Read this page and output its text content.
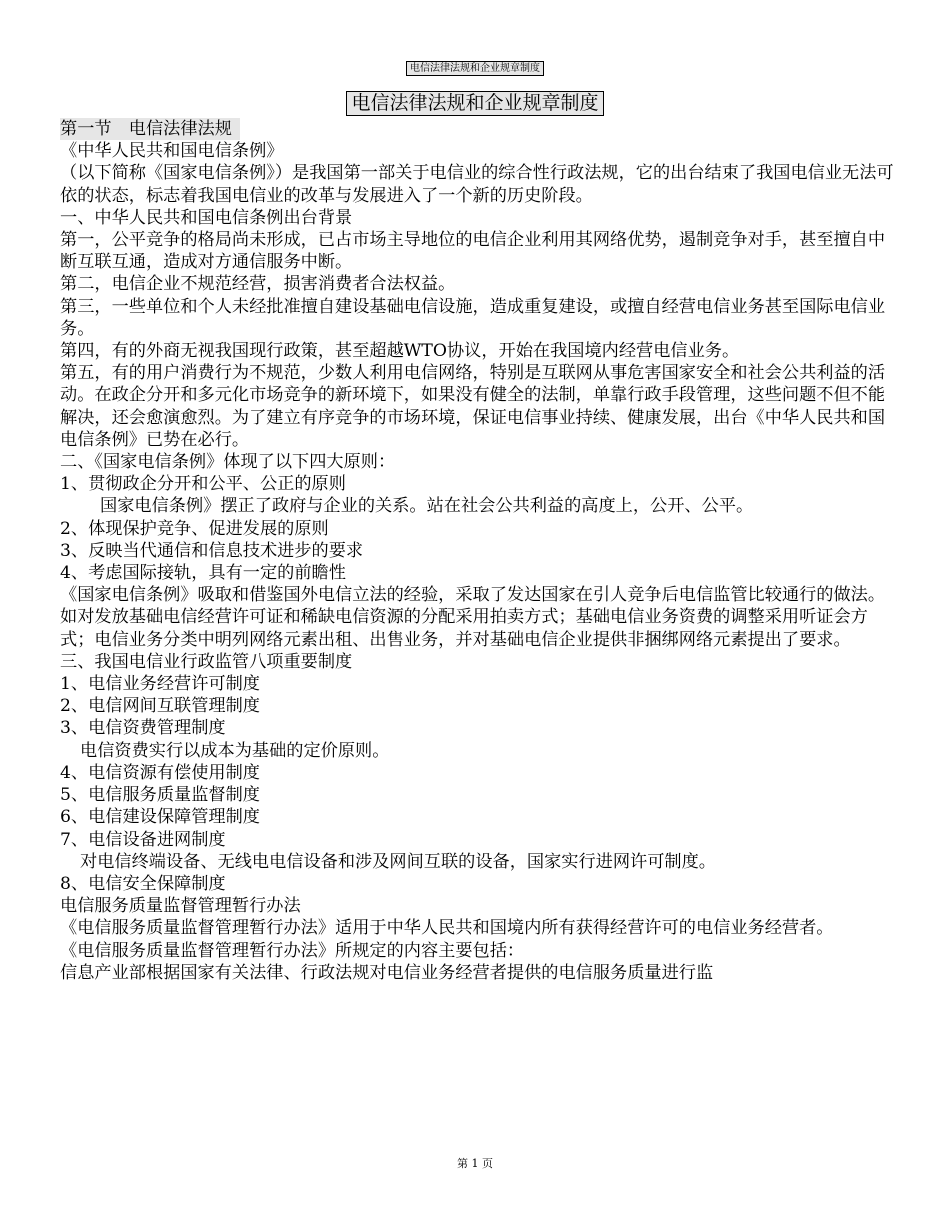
电信法律法规和企业规章制度
电信法律法规和企业规章制度

第一节　电信法律法规

《中华人民共和国电信条例》

（以下简称《国家电信条例》）是我国第一部关于电信业的综合性行政法规，它的出台结束了我国电信业无法可依的状态，标志着我国电信业的改革与发展进入了一个新的历史阶段。

一、中华人民共和国电信条例出台背景

第一，公平竞争的格局尚未形成，已占市场主导地位的电信企业利用其网络优势，遏制竞争对手，甚至擅自中断互联互通，造成对方通信服务中断。

第二，电信企业不规范经营，损害消费者合法权益。

第三，一些单位和个人未经批准擅自建设基础电信设施，造成重复建设，或擅自经营电信业务甚至国际电信业务。

第四，有的外商无视我国现行政策，甚至超越WTO协议，开始在我国境内经营电信业务。

第五，有的用户消费行为不规范，少数人利用电信网络，特别是互联网从事危害国家安全和社会公共利益的活动。在政企分开和多元化市场竞争的新环境下，如果没有健全的法制，单靠行政手段管理，这些问题不但不能解决，还会愈演愈烈。为了建立有序竞争的市场环境，保证电信事业持续、健康发展，出台《中华人民共和国电信条例》已势在必行。

二、《国家电信条例》体现了以下四大原则：

1、贯彻政企分开和公平、公正的原则

国家电信条例》摆正了政府与企业的关系。站在社会公共利益的高度上，公开、公平。

2、体现保护竞争、促进发展的原则

3、反映当代通信和信息技术进步的要求

4、考虑国际接轨，具有一定的前瞻性

《国家电信条例》吸取和借鉴国外电信立法的经验，采取了发达国家在引人竞争后电信监管比较通行的做法。如对发放基础电信经营许可证和稀缺电信资源的分配采用拍卖方式；基础电信业务资费的调整采用听证会方式；电信业务分类中明列网络元素出租、出售业务，并对基础电信企业提供非捆绑网络元素提出了要求。

三、我国电信业行政监管八项重要制度

1、电信业务经营许可制度

2、电信网间互联管理制度

3、电信资费管理制度

电信资费实行以成本为基础的定价原则。

4、电信资源有偿使用制度

5、电信服务质量监督制度

6、电信建设保障管理制度

7、电信设备进网制度

对电信终端设备、无线电电信设备和涉及网间互联的设备，国家实行进网许可制度。

8、电信安全保障制度

电信服务质量监督管理暂行办法

《电信服务质量监督管理暂行办法》适用于中华人民共和国境内所有获得经营许可的电信业务经营者。

《电信服务质量监督管理暂行办法》所规定的内容主要包括：

信息产业部根据国家有关法律、行政法规对电信业务经营者提供的电信服务质量进行监

第 1 页
